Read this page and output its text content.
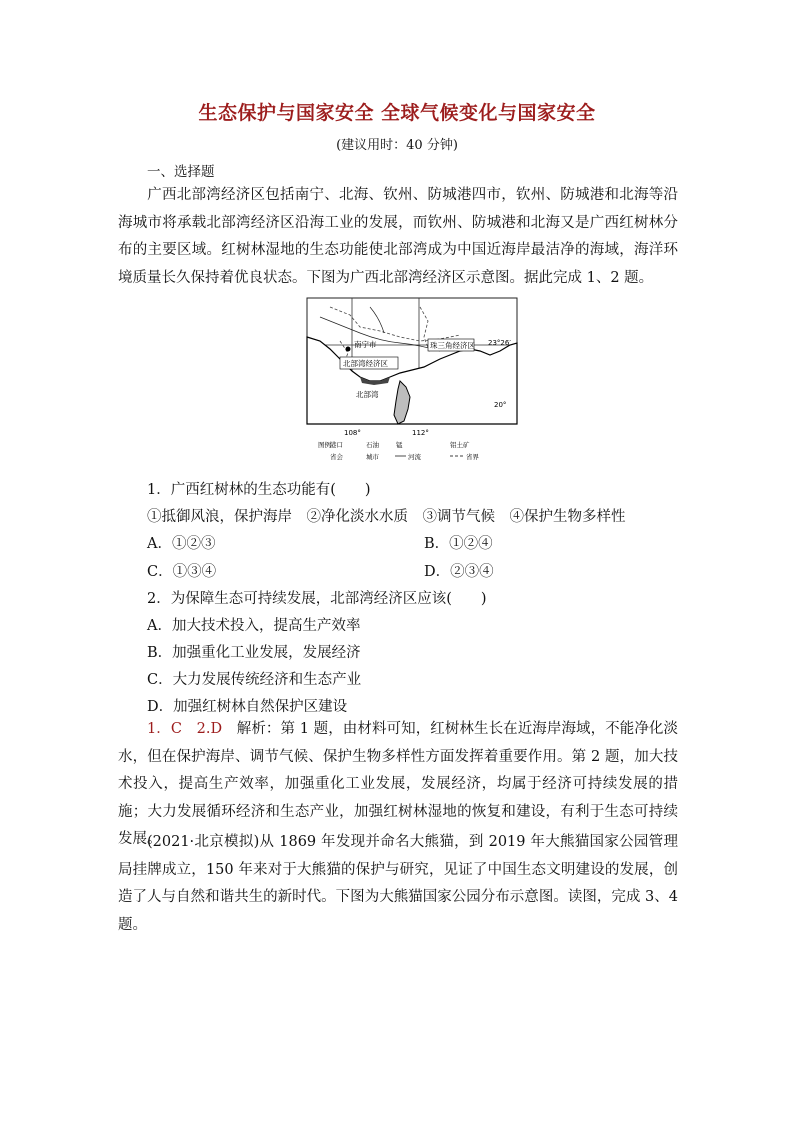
生态保护与国家安全 全球气候变化与国家安全
(建议用时：40 分钟)
一、选择题
广西北部湾经济区包括南宁、北海、钦州、防城港四市，钦州、防城港和北海等沿海城市将承载北部湾经济区沿海工业的发展，而钦州、防城港和北海又是广西红树林分布的主要区域。红树林湿地的生态功能使北部湾成为中国近海岸最洁净的海域，海洋环境质量长久保持着优良状态。下图为广西北部湾经济区示意图。据此完成 1、2 题。
南宁市
北部湾经济区
珠三角经济区
北部湾
23°26′
20°
108°	112°
图例 港口	石油	锰	铝土矿
省会	城市	河流	省界
1．广西红树林的生态功能有(　　)
①抵御风浪，保护海岸　②净化淡水水质　③调节气候　④保护生物多样性
A．①②③	B．①②④
C．①③④	D．②③④
2．为保障生态可持续发展，北部湾经济区应该(　　)
A．加大技术投入，提高生产效率
B．加强重化工业发展，发展经济
C．大力发展传统经济和生态产业
D．加强红树林自然保护区建设
1．C　2.D　解析：第 1 题，由材料可知，红树林生长在近海岸海域，不能净化淡水，但在保护海岸、调节气候、保护生物多样性方面发挥着重要作用。第 2 题，加大技术投入，提高生产效率，加强重化工业发展，发展经济，均属于经济可持续发展的措施；大力发展循环经济和生态产业，加强红树林湿地的恢复和建设，有利于生态可持续发展。
(2021·北京模拟)从 1869 年发现并命名大熊猫，到 2019 年大熊猫国家公园管理局挂牌成立，150 年来对于大熊猫的保护与研究，见证了中国生态文明建设的发展，创造了人与自然和谐共生的新时代。下图为大熊猫国家公园分布示意图。读图，完成 3、4 题。
